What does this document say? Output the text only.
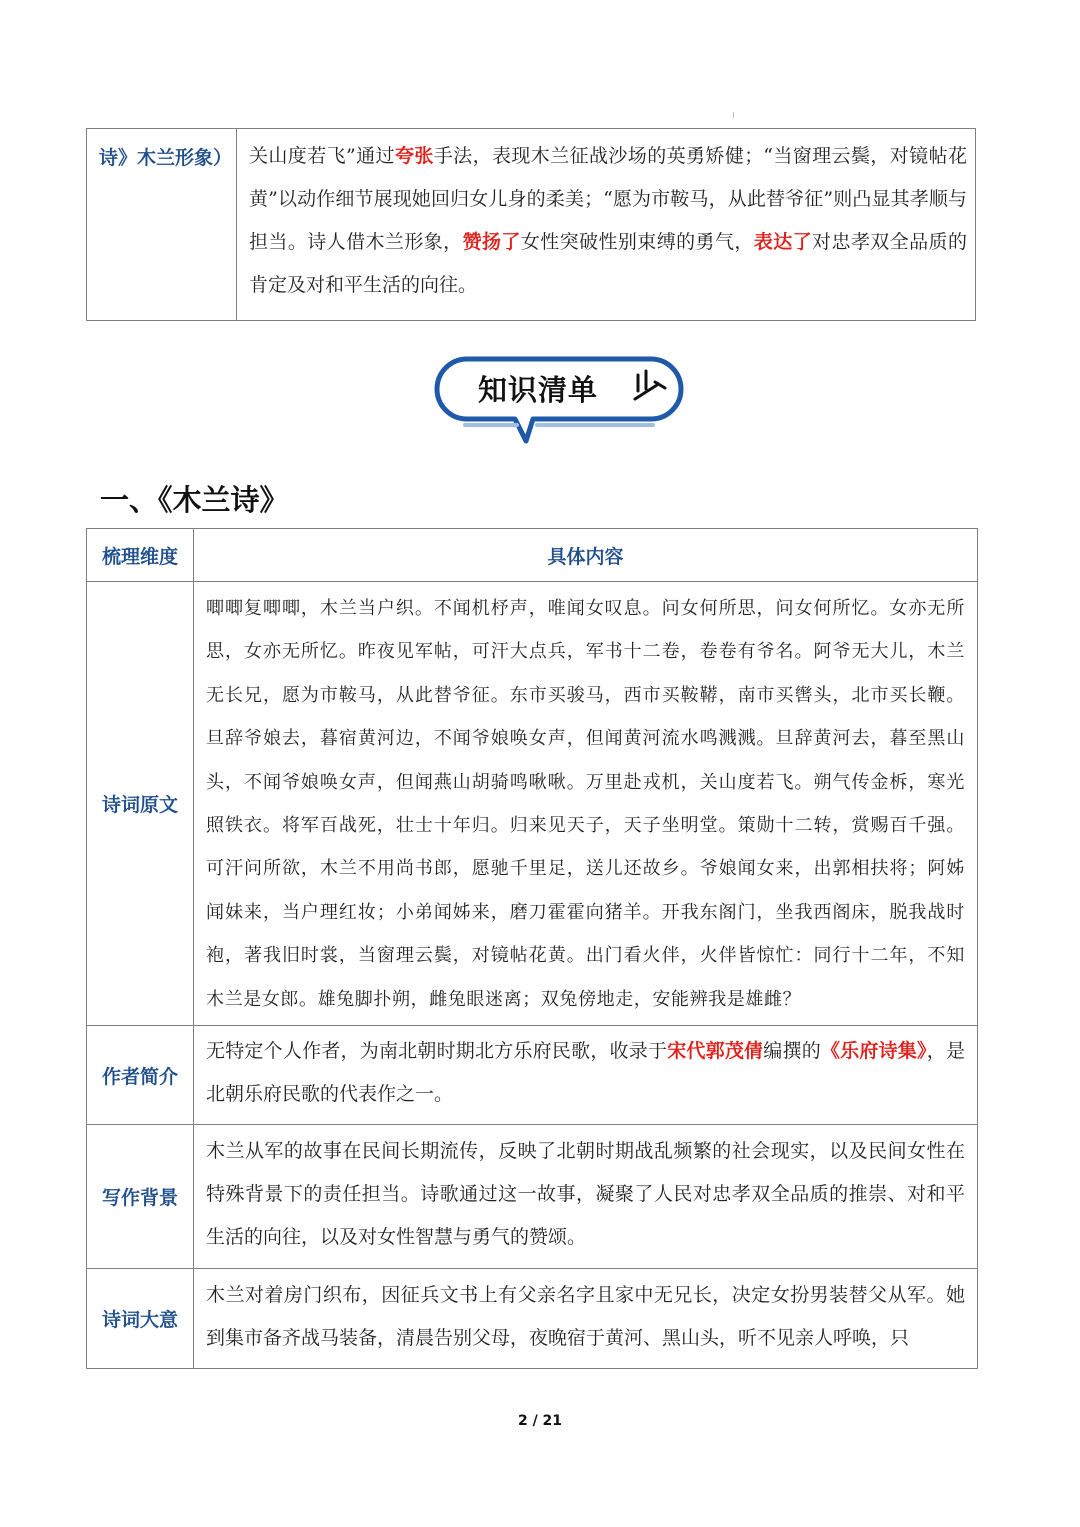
诗》木兰形象）	关山度若飞”通过夸张手法，表现木兰征战沙场的英勇矫健；“当窗理云鬓，对镜帖花黄”以动作细节展现她回归女儿身的柔美；“愿为市鞍马，从此替爷征”则凸显其孝顺与担当。诗人借木兰形象，赞扬了女性突破性别束缚的勇气，表达了对忠孝双全品质的肯定及对和平生活的向往。
知识清单
一、《木兰诗》
梳理维度	具体内容
诗词原文	唧唧复唧唧，木兰当户织。不闻机杼声，唯闻女叹息。问女何所思，问女何所忆。女亦无所思，女亦无所忆。昨夜见军帖，可汗大点兵，军书十二卷，卷卷有爷名。阿爷无大儿，木兰无长兄，愿为市鞍马，从此替爷征。东市买骏马，西市买鞍鞯，南市买辔头，北市买长鞭。旦辞爷娘去，暮宿黄河边，不闻爷娘唤女声，但闻黄河流水鸣溅溅。旦辞黄河去，暮至黑山头，不闻爷娘唤女声，但闻燕山胡骑鸣啾啾。万里赴戎机，关山度若飞。朔气传金柝，寒光照铁衣。将军百战死，壮士十年归。归来见天子，天子坐明堂。策勋十二转，赏赐百千强。可汗问所欲，木兰不用尚书郎，愿驰千里足，送儿还故乡。爷娘闻女来，出郭相扶将；阿姊闻妹来，当户理红妆；小弟闻姊来，磨刀霍霍向猪羊。开我东阁门，坐我西阁床，脱我战时袍，著我旧时裳，当窗理云鬓，对镜帖花黄。出门看火伴，火伴皆惊忙：同行十二年，不知木兰是女郎。雄兔脚扑朔，雌兔眼迷离；双兔傍地走，安能辨我是雄雌？
作者简介	无特定个人作者，为南北朝时期北方乐府民歌，收录于宋代郭茂倩编撰的《乐府诗集》，是北朝乐府民歌的代表作之一。
写作背景	木兰从军的故事在民间长期流传，反映了北朝时期战乱频繁的社会现实，以及民间女性在特殊背景下的责任担当。诗歌通过这一故事，凝聚了人民对忠孝双全品质的推崇、对和平生活的向往，以及对女性智慧与勇气的赞颂。
诗词大意	木兰对着房门织布，因征兵文书上有父亲名字且家中无兄长，决定女扮男装替父从军。她到集市备齐战马装备，清晨告别父母，夜晚宿于黄河、黑山头，听不见亲人呼唤，只
2 / 21
